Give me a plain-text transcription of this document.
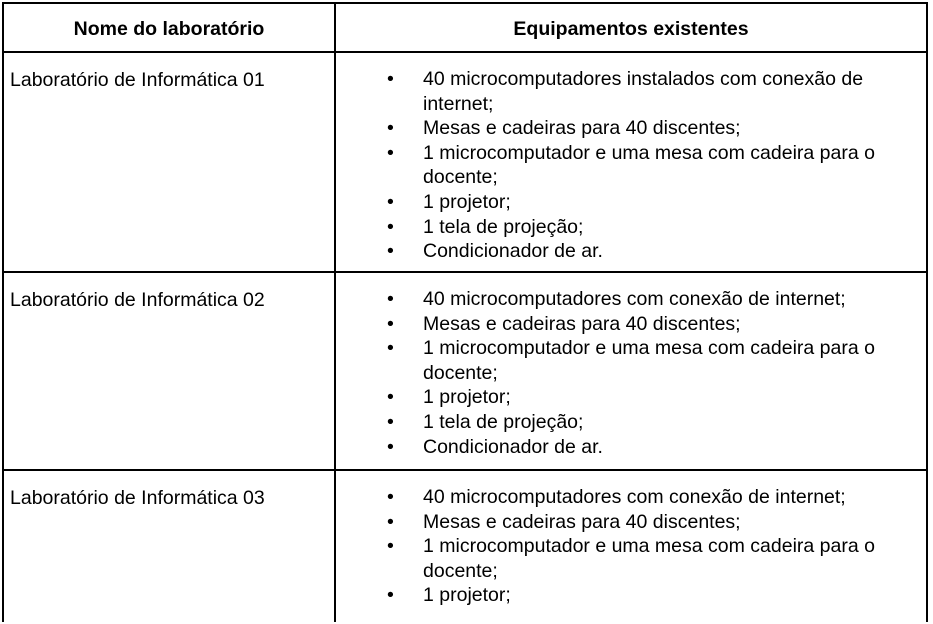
Nome do laboratório	Equipamentos existentes
Laboratório de Informática 01	• 40 microcomputadores instalados com conexão de internet;
• Mesas e cadeiras para 40 discentes;
• 1 microcomputador e uma mesa com cadeira para o docente;
• 1 projetor;
• 1 tela de projeção;
• Condicionador de ar.
Laboratório de Informática 02	• 40 microcomputadores com conexão de internet;
• Mesas e cadeiras para 40 discentes;
• 1 microcomputador e uma mesa com cadeira para o docente;
• 1 projetor;
• 1 tela de projeção;
• Condicionador de ar.
Laboratório de Informática 03	• 40 microcomputadores com conexão de internet;
• Mesas e cadeiras para 40 discentes;
• 1 microcomputador e uma mesa com cadeira para o docente;
• 1 projetor;
